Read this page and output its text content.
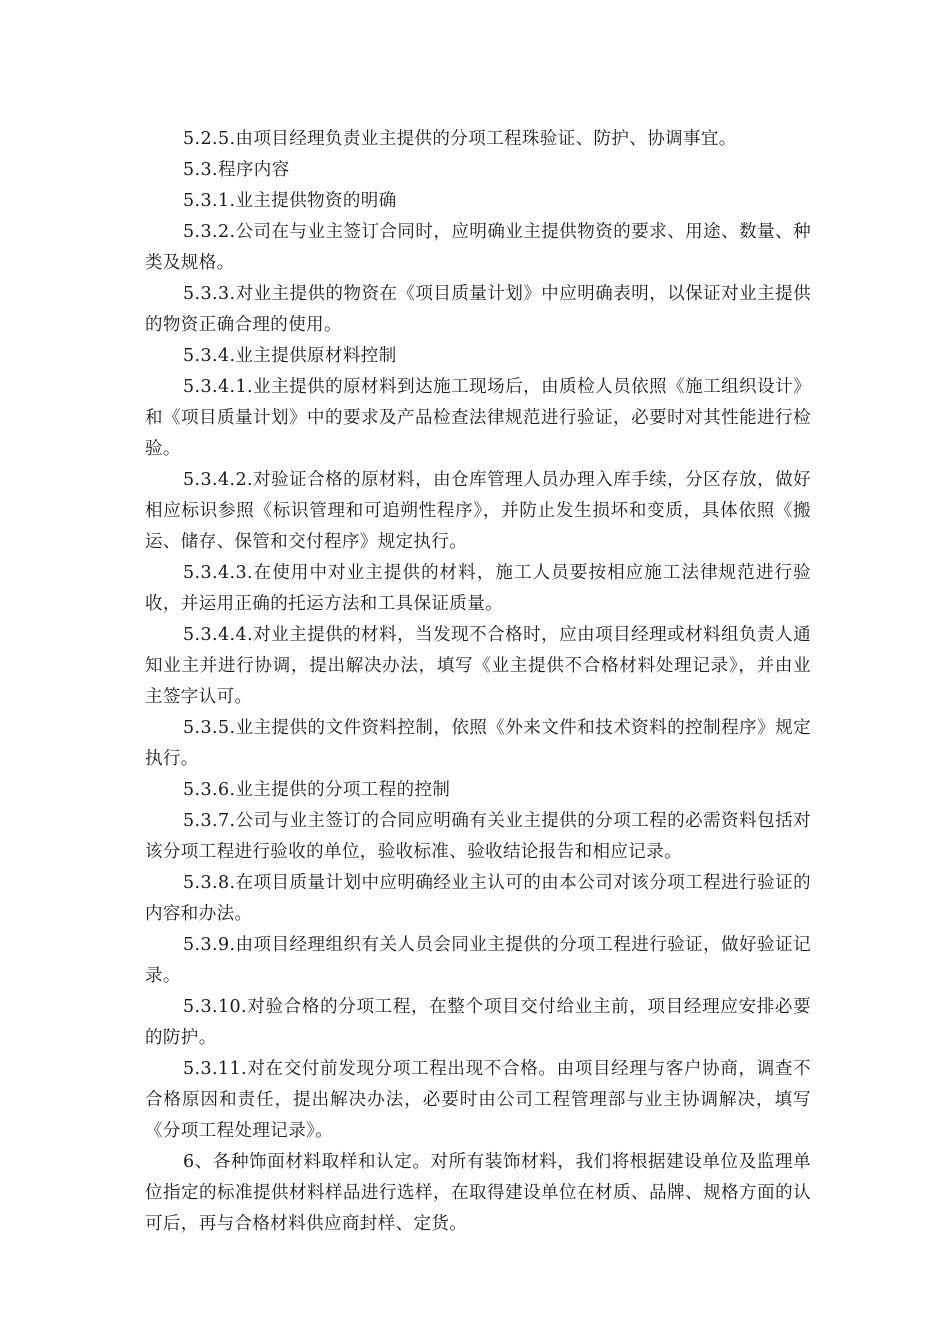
5.2.5.由项目经理负责业主提供的分项工程珠验证、防护、协调事宜。

5.3.程序内容

5.3.1.业主提供物资的明确

5.3.2.公司在与业主签订合同时，应明确业主提供物资的要求、用途、数量、种类及规格。

5.3.3.对业主提供的物资在《项目质量计划》中应明确表明，以保证对业主提供的物资正确合理的使用。

5.3.4.业主提供原材料控制

5.3.4.1.业主提供的原材料到达施工现场后，由质检人员依照《施工组织设计》和《项目质量计划》中的要求及产品检查法律规范进行验证，必要时对其性能进行检验。

5.3.4.2.对验证合格的原材料，由仓库管理人员办理入库手续，分区存放，做好相应标识参照《标识管理和可追朔性程序》，并防止发生损坏和变质，具体依照《搬运、储存、保管和交付程序》规定执行。

5.3.4.3.在使用中对业主提供的材料，施工人员要按相应施工法律规范进行验收，并运用正确的托运方法和工具保证质量。

5.3.4.4.对业主提供的材料，当发现不合格时，应由项目经理或材料组负责人通知业主并进行协调，提出解决办法，填写《业主提供不合格材料处理记录》，并由业主签字认可。

5.3.5.业主提供的文件资料控制，依照《外来文件和技术资料的控制程序》规定执行。

5.3.6.业主提供的分项工程的控制

5.3.7.公司与业主签订的合同应明确有关业主提供的分项工程的必需资料包括对该分项工程进行验收的单位，验收标准、验收结论报告和相应记录。

5.3.8.在项目质量计划中应明确经业主认可的由本公司对该分项工程进行验证的内容和办法。

5.3.9.由项目经理组织有关人员会同业主提供的分项工程进行验证，做好验证记录。

5.3.10.对验合格的分项工程，在整个项目交付给业主前，项目经理应安排必要的防护。

5.3.11.对在交付前发现分项工程出现不合格。由项目经理与客户协商，调查不合格原因和责任，提出解决办法，必要时由公司工程管理部与业主协调解决，填写《分项工程处理记录》。

6、各种饰面材料取样和认定。对所有装饰材料，我们将根据建设单位及监理单位指定的标准提供材料样品进行选样，在取得建设单位在材质、品牌、规格方面的认可后，再与合格材料供应商封样、定货。
